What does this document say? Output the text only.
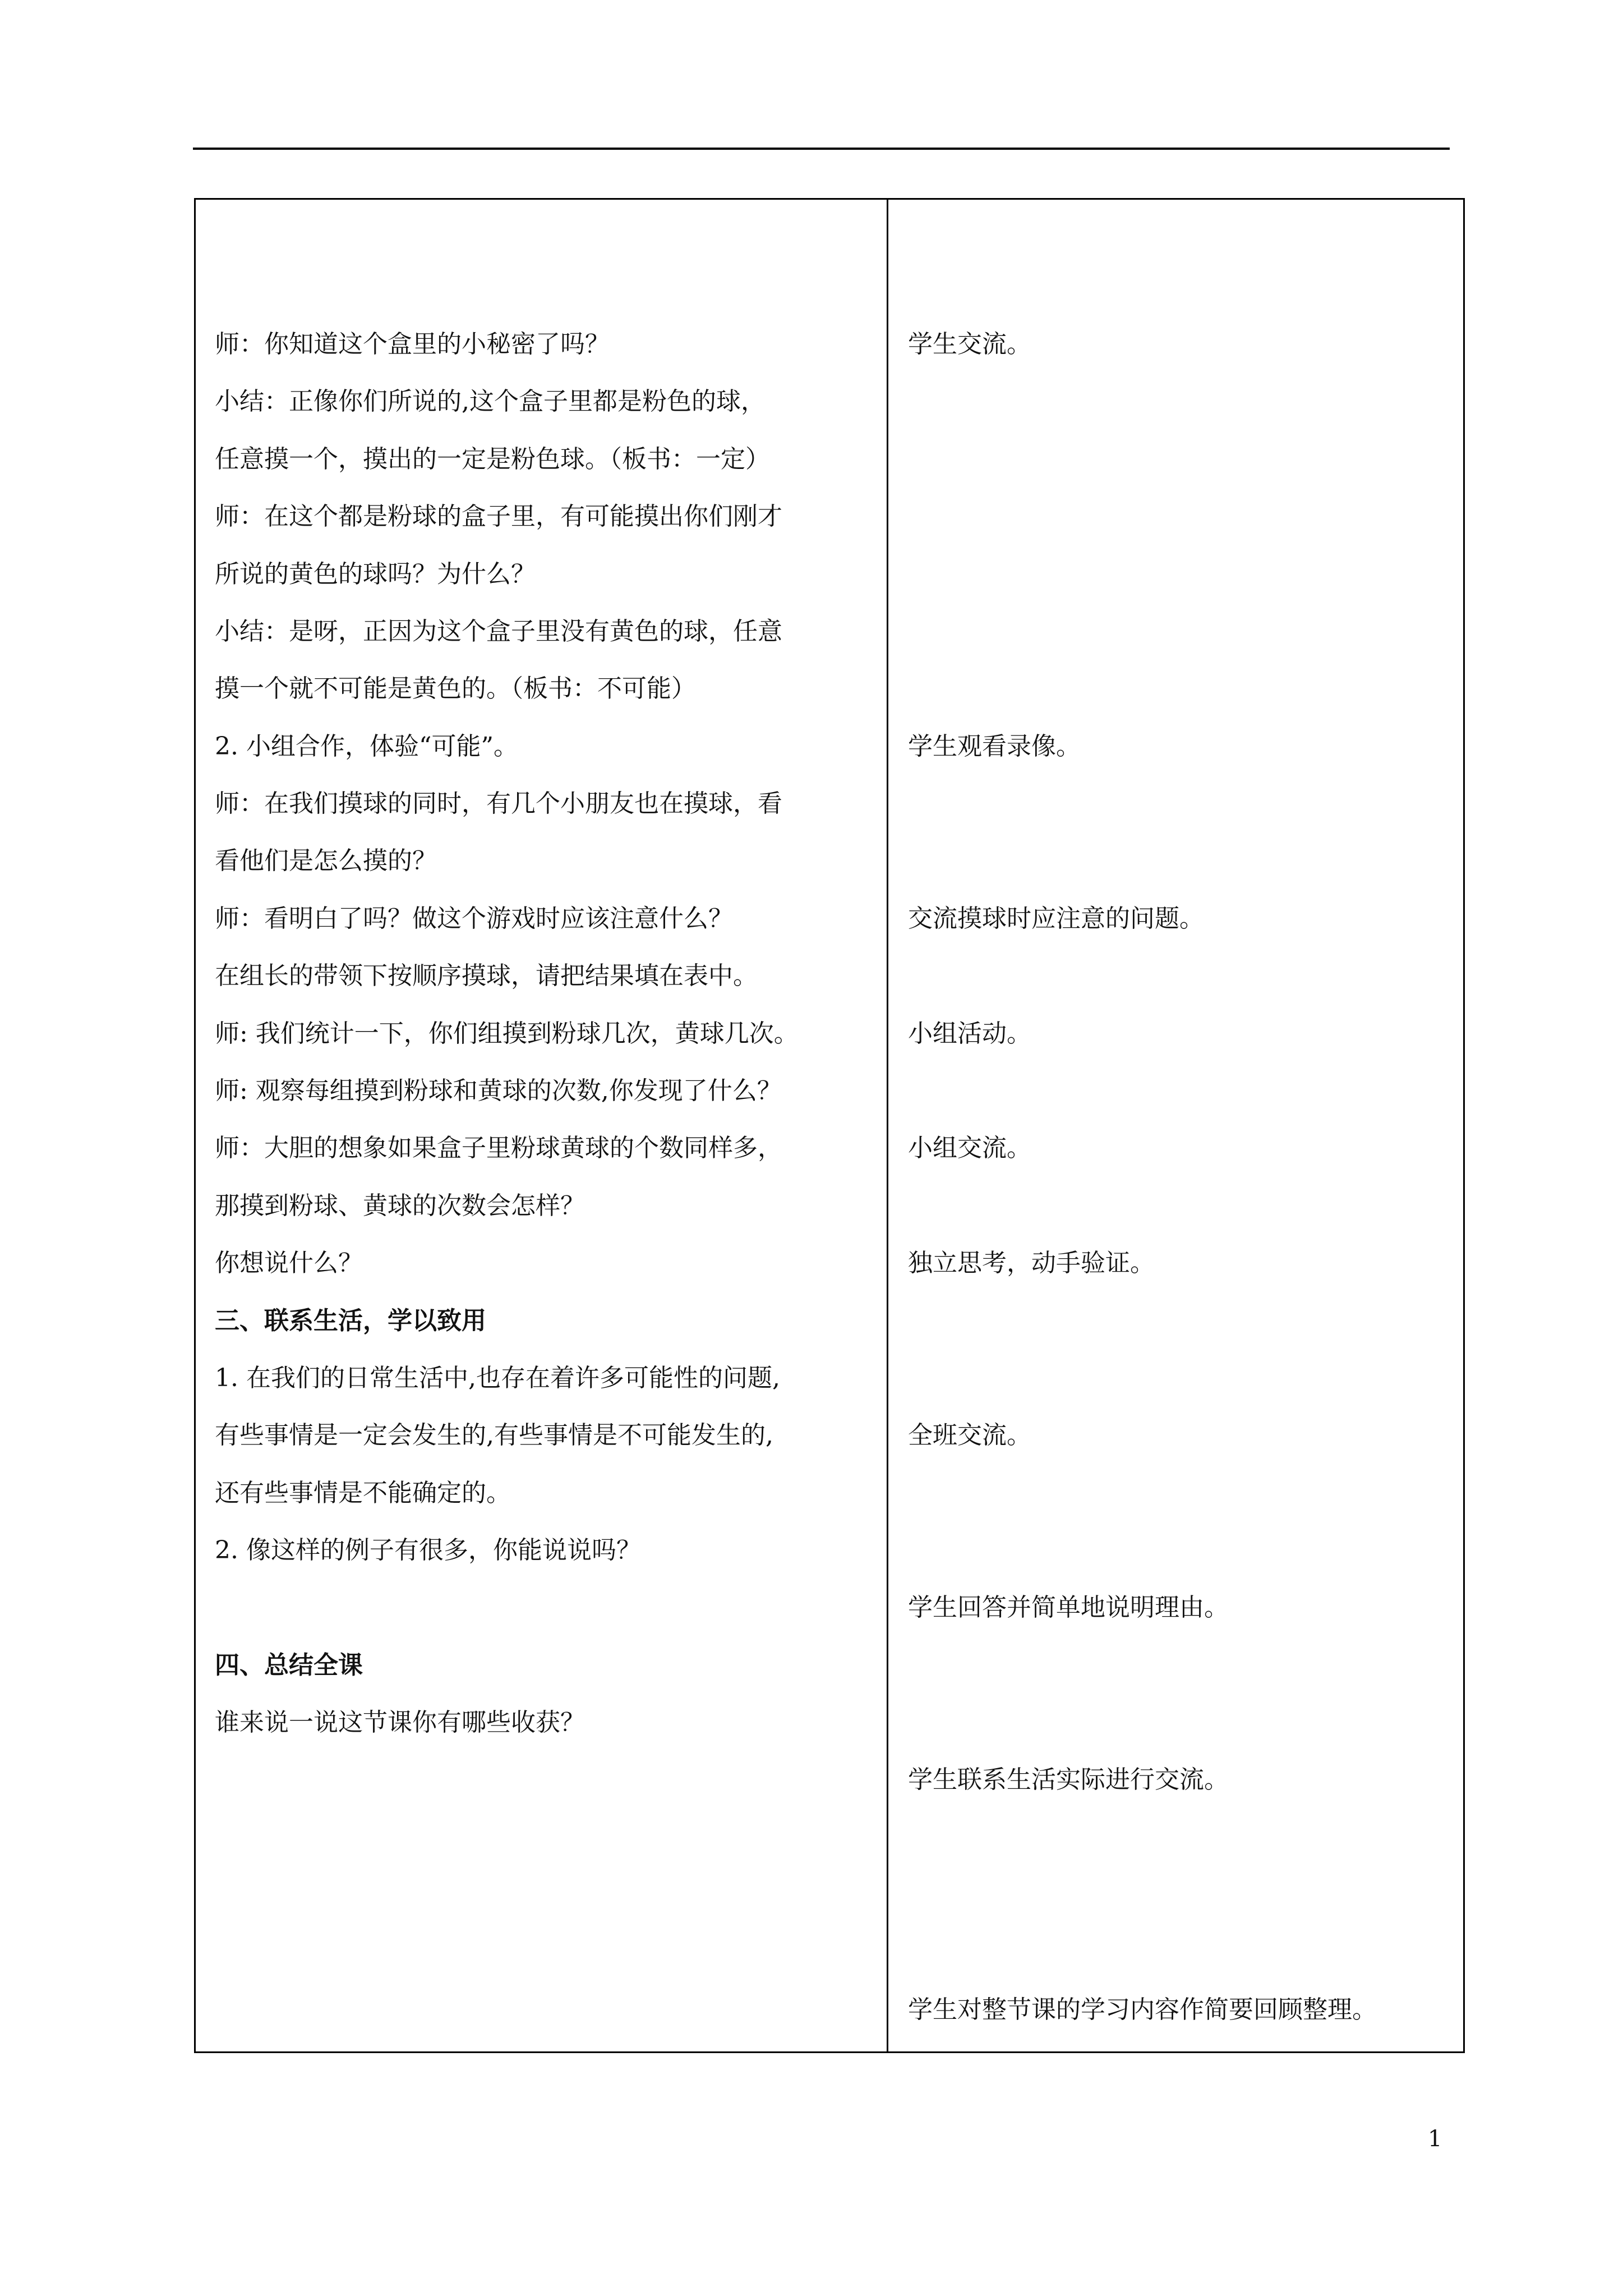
师：你知道这个盒里的小秘密了吗？
小结：正像你们所说的,这个盒子里都是粉色的球，
任意摸一个，摸出的一定是粉色球。（板书：一定）
师：在这个都是粉球的盒子里，有可能摸出你们刚才
所说的黄色的球吗？为什么？
小结：是呀，正因为这个盒子里没有黄色的球，任意
摸一个就不可能是黄色的。（板书：不可能）
2. 小组合作，体验“可能”。
师：在我们摸球的同时，有几个小朋友也在摸球，看
看他们是怎么摸的？
师：看明白了吗？做这个游戏时应该注意什么？
在组长的带领下按顺序摸球，请把结果填在表中。
师: 我们统计一下，你们组摸到粉球几次，黄球几次。
师: 观察每组摸到粉球和黄球的次数,你发现了什么？
师：大胆的想象如果盒子里粉球黄球的个数同样多，
那摸到粉球、黄球的次数会怎样？
你想说什么？
三、联系生活，学以致用
1. 在我们的日常生活中,也存在着许多可能性的问题,
有些事情是一定会发生的,有些事情是不可能发生的,
还有些事情是不能确定的。
2. 像这样的例子有很多，你能说说吗？
四、总结全课
谁来说一说这节课你有哪些收获？
学生交流。
学生观看录像。
交流摸球时应注意的问题。
小组活动。
小组交流。
独立思考，动手验证。
全班交流。
学生回答并简单地说明理由。
学生联系生活实际进行交流。
学生对整节课的学习内容作简要回顾整理。
1
